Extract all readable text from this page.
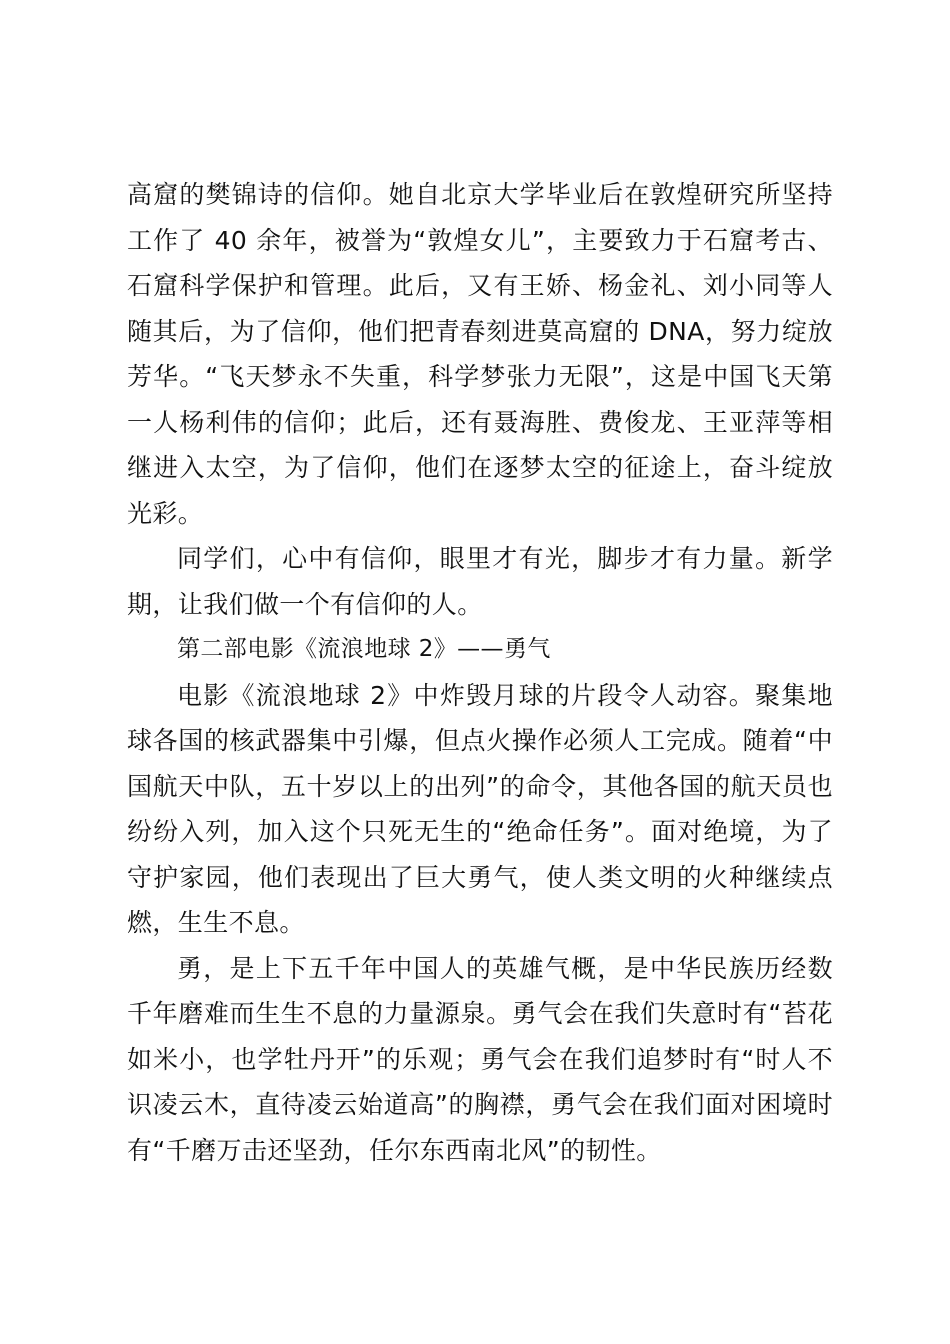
高窟的樊锦诗的信仰。她自北京大学毕业后在敦煌研究所坚持工作了 40 余年，被誉为“敦煌女儿”，主要致力于石窟考古、石窟科学保护和管理。此后，又有王娇、杨金礼、刘小同等人随其后，为了信仰，他们把青春刻进莫高窟的 DNA，努力绽放芳华。“飞天梦永不失重，科学梦张力无限”，这是中国飞天第一人杨利伟的信仰；此后，还有聂海胜、费俊龙、王亚萍等相继进入太空，为了信仰，他们在逐梦太空的征途上，奋斗绽放光彩。

同学们，心中有信仰，眼里才有光，脚步才有力量。新学期，让我们做一个有信仰的人。

第二部电影《流浪地球 2》——勇气

电影《流浪地球 2》中炸毁月球的片段令人动容。聚集地球各国的核武器集中引爆，但点火操作必须人工完成。随着“中国航天中队，五十岁以上的出列”的命令，其他各国的航天员也纷纷入列，加入这个只死无生的“绝命任务”。面对绝境，为了守护家园，他们表现出了巨大勇气，使人类文明的火种继续点燃，生生不息。

勇，是上下五千年中国人的英雄气概，是中华民族历经数千年磨难而生生不息的力量源泉。勇气会在我们失意时有“苔花如米小，也学牡丹开”的乐观；勇气会在我们追梦时有“时人不识凌云木，直待凌云始道高”的胸襟，勇气会在我们面对困境时有“千磨万击还坚劲，任尔东西南北风”的韧性。
